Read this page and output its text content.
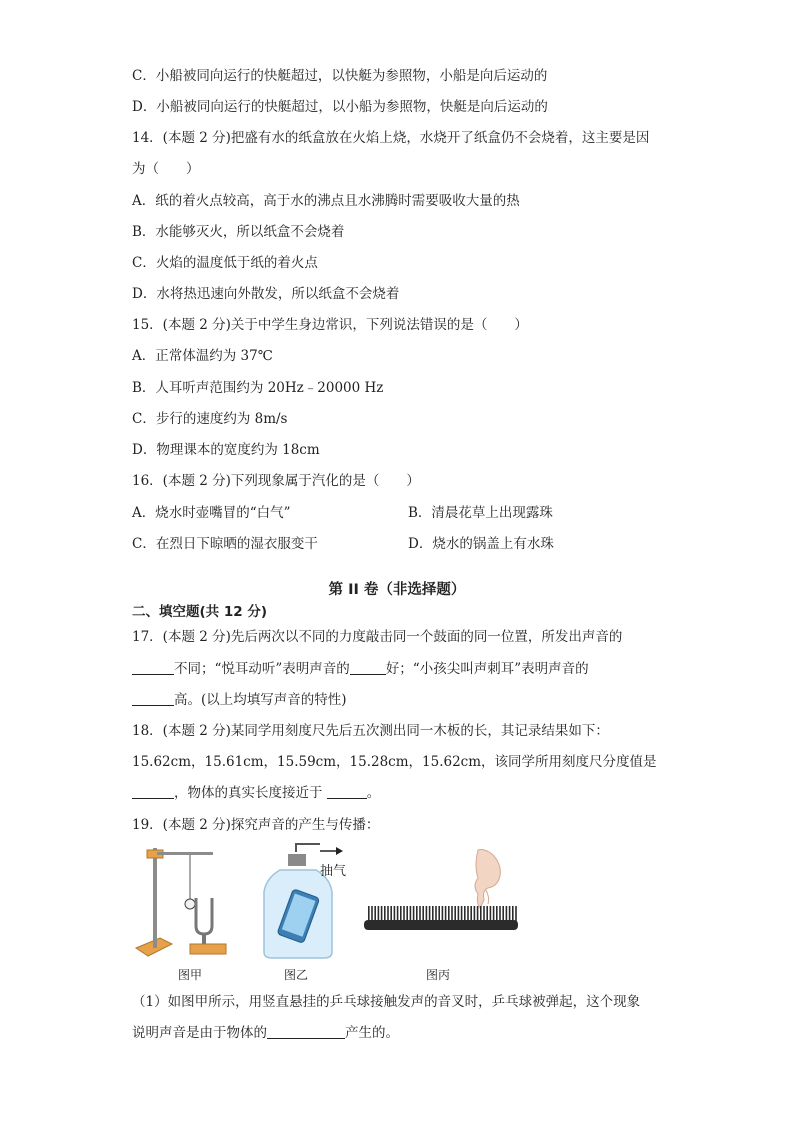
C．小船被同向运行的快艇超过，以快艇为参照物，小船是向后运动的
D．小船被同向运行的快艇超过，以小船为参照物，快艇是向后运动的
14．(本题 2 分)把盛有水的纸盒放在火焰上烧，水烧开了纸盒仍不会烧着，这主要是因
为（　　）
A．纸的着火点较高，高于水的沸点且水沸腾时需要吸收大量的热
B．水能够灭火，所以纸盒不会烧着
C．火焰的温度低于纸的着火点
D．水将热迅速向外散发，所以纸盒不会烧着
15．(本题 2 分)关于中学生身边常识，下列说法错误的是（　　）
A．正常体温约为 37℃
B．人耳听声范围约为 20Hz﹣20000 Hz
C．步行的速度约为 8m/s
D．物理课本的宽度约为 18cm
16．(本题 2 分)下列现象属于汽化的是（　　）
A．烧水时壶嘴冒的“白气”	B．清晨花草上出现露珠
C．在烈日下晾晒的湿衣服变干	D．烧水的锅盖上有水珠
第 II 卷（非选择题）
二、填空题(共 12 分)
17．(本题 2 分)先后两次以不同的力度敲击同一个鼓面的同一位置，所发出声音的
不同；“悦耳动听”表明声音的	好；“小孩尖叫声刺耳”表明声音的
高。(以上均填写声音的特性)
18．(本题 2 分)某同学用刻度尺先后五次测出同一木板的长，其记录结果如下：
15.62cm，15.61cm，15.59cm，15.28cm，15.62cm，该同学所用刻度尺分度值是
，物体的真实长度接近于	。
19．(本题 2 分)探究声音的产生与传播：
图甲
抽气
图乙	图丙
（1）如图甲所示，用竖直悬挂的乒乓球接触发声的音叉时，乒乓球被弹起，这个现象
说明声音是由于物体的	产生的。
